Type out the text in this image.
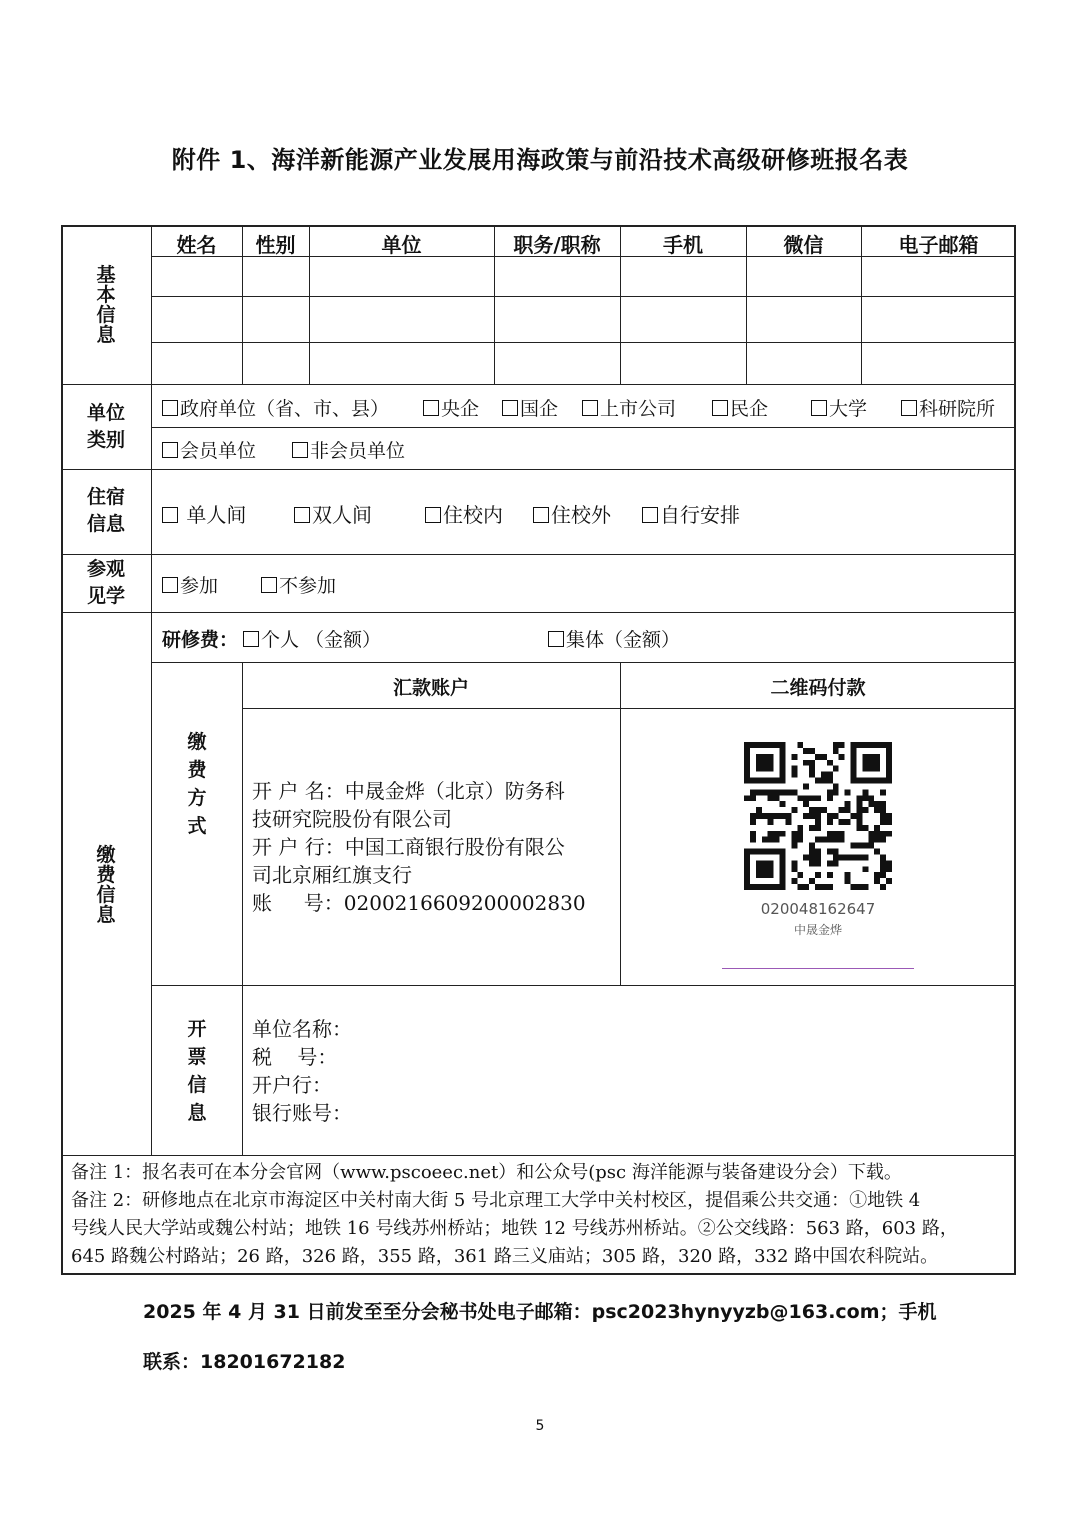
附件 1、海洋新能源产业发展用海政策与前沿技术高级研修班报名表
基本信息
姓名	性别	单位	职务/职称	手机	微信	电子邮箱
单位
类别
政府单位（省、市、县）	央企	国企	上市公司	民企	大学	科研院所
会员单位	非会员单位
住宿
信息	单人间	双人间	住校内	住校外	自行安排
参观
见学	参加	不参加
缴费信息
研修费：	个人 （金额）	集体（金额）
缴费方式
汇款账户	二维码付款
开 户 名：中晟金烨（北京）防务科
技研究院股份有限公司
开 户 行：中国工商银行股份有限公
司北京厢红旗支行
账     号：0200216609200002830	020048162647
中晟金烨
开票信息
单位名称：
税    号：
开户行：
银行账号：
备注 1：报名表可在本分会官网（www.pscoeec.net）和公众号(psc 海洋能源与装备建设分会）下载。
备注 2：研修地点在北京市海淀区中关村南大街 5 号北京理工大学中关村校区，提倡乘公共交通：①地铁 4
号线人民大学站或魏公村站；地铁 16 号线苏州桥站；地铁 12 号线苏州桥站。②公交线路：563 路，603 路，
645 路魏公村路站；26 路，326 路，355 路，361 路三义庙站；305 路，320 路，332 路中国农科院站。
2025 年 4 月 31 日前发至至分会秘书处电子邮箱：psc2023hynyyzb@163.com；手机
联系：18201672182
5
